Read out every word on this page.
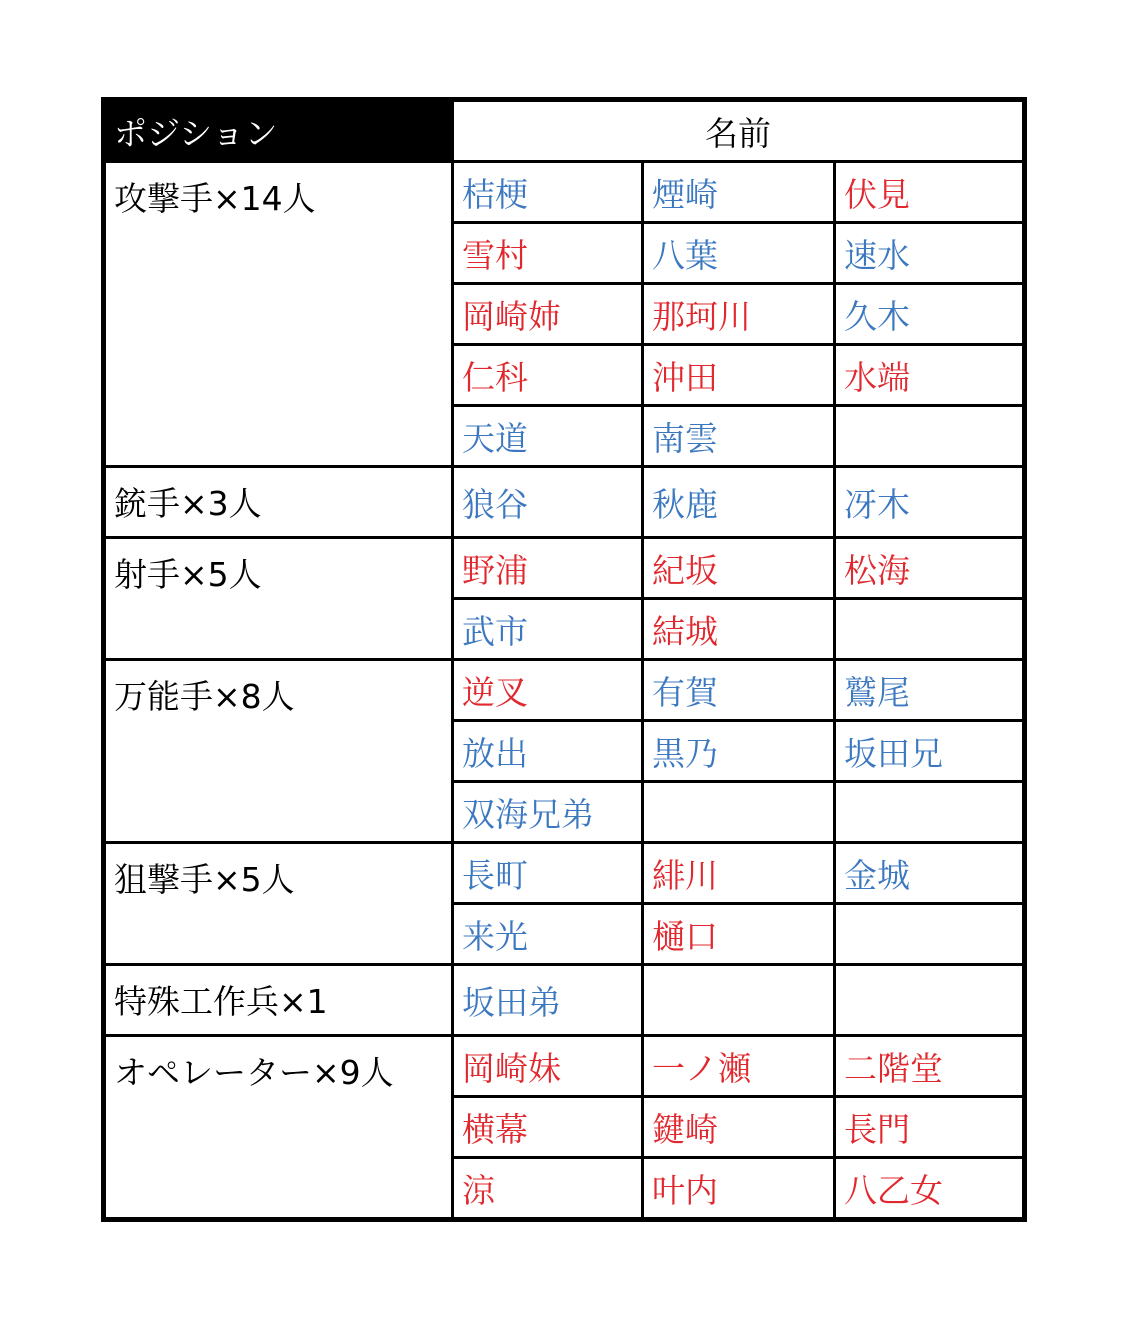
ポジション	名前		
攻撃手×14人	桔梗	煙崎	伏見
	雪村	八葉	速水
	岡崎姉	那珂川	久木
	仁科	沖田	水端
	天道	南雲	
銃手×3人	狼谷	秋鹿	冴木
射手×5人	野浦	紀坂	松海
	武市	結城	
万能手×8人	逆叉	有賀	鷲尾
	放出	黒乃	坂田兄
	双海兄弟		
狙撃手×5人	長町	緋川	金城
	来光	樋口	
特殊工作兵×1	坂田弟		
オペレーター×9人	岡崎妹	一ノ瀬	二階堂
	横幕	鍵崎	長門
	涼	叶内	八乙女
